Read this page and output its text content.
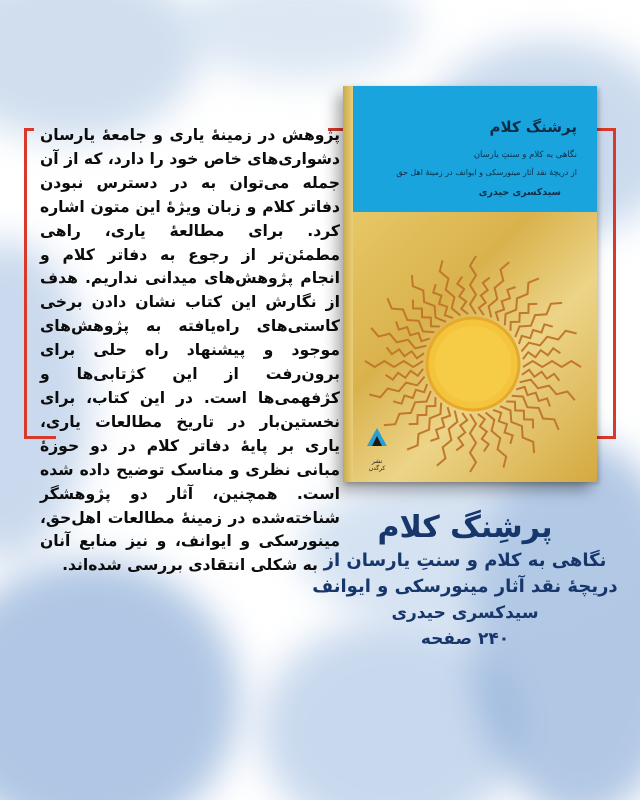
پژوهش در زمینهٔ یاری و جامعهٔ یارسان دشواری‌های خاص خود را دارد، که از آن جمله می‌توان به در دسترس نبودن دفاتر کلام و زبان ویژهٔ این متون اشاره کرد. برای مطالعهٔ یاری، راهی مطمئن‌تر از رجوع به دفاتر کلام و انجام پژوهش‌های میدانی نداریم. هدف از نگارش این کتاب نشان دادن برخی کاستی‌های راه‌یافته به پژوهش‌های موجود و پیشنهاد راه حلی برای برون‌رفت از این کژتابی‌ها و کژفهمی‌ها است. در این کتاب، برای نخستین‌بار در تاریخ مطالعات یاری، یاری بر پایهٔ دفاتر کلام در دو حوزهٔ مبانی نظری و مناسک توضیح داده شده است. همچنین، آثار دو پژوهشگر شناخته‌شده در زمینهٔ مطالعات اهل‌حق، مینورسکی و ایوانف، و نیز منابع آنان به شکلی انتقادی بررسی شده‌اند.

پرشنگ کلام

نگاهی به کلام و سنتِ یارسان

از دریچهٔ نقد آثار مینورسکی و ایوانف در زمینهٔ اهل حق

سیدکسری حیدری

نشر کرگدن

پرشِنگ کلام

نگاهی به کلام و سنتِ یارسان از

دریچهٔ نقد آثار مینورسکی و ایوانف

سیدکسری حیدری

۲۴۰ صفحه
